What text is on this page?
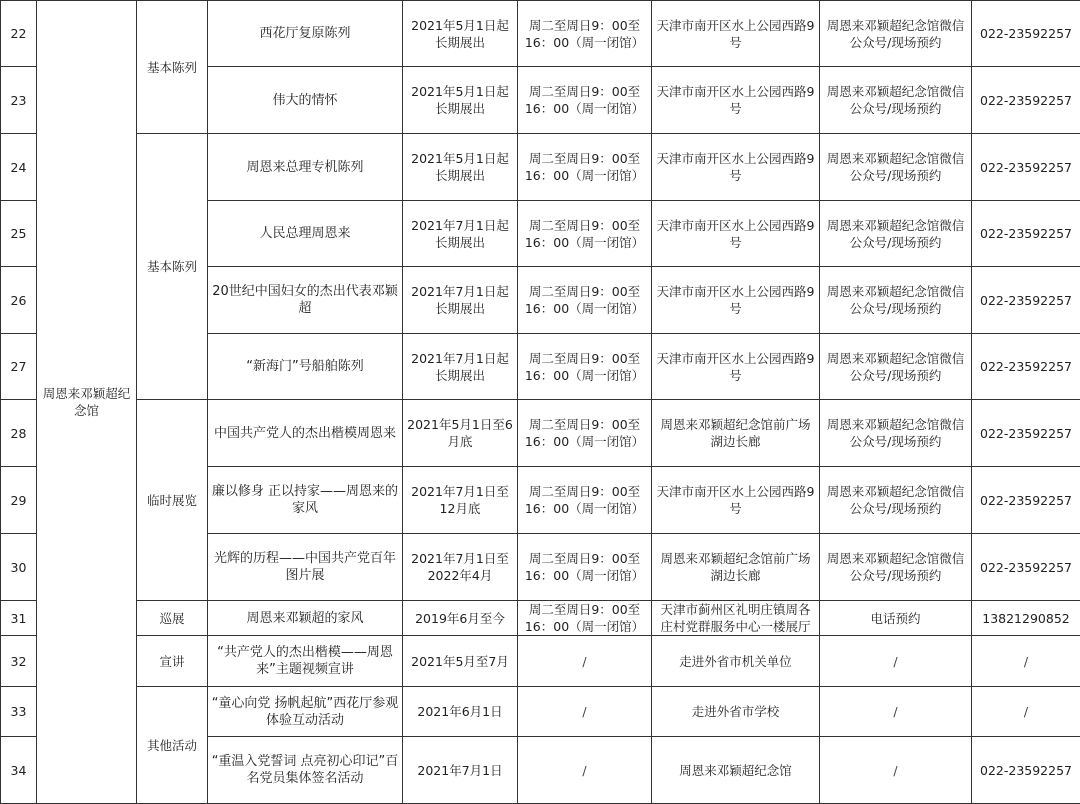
22	周恩来邓颖超纪念馆	基本陈列	西花厅复原陈列	2021年5月1日起长期展出	周二至周日9：00至16：00（周一闭馆）	天津市南开区水上公园西路9号	周恩来邓颖超纪念馆微信公众号/现场预约	022-23592257
23			伟大的情怀	2021年5月1日起长期展出	周二至周日9：00至16：00（周一闭馆）	天津市南开区水上公园西路9号	周恩来邓颖超纪念馆微信公众号/现场预约	022-23592257
24		基本陈列	周恩来总理专机陈列	2021年5月1日起长期展出	周二至周日9：00至16：00（周一闭馆）	天津市南开区水上公园西路9号	周恩来邓颖超纪念馆微信公众号/现场预约	022-23592257
25			人民总理周恩来	2021年7月1日起长期展出	周二至周日9：00至16：00（周一闭馆）	天津市南开区水上公园西路9号	周恩来邓颖超纪念馆微信公众号/现场预约	022-23592257
26			20世纪中国妇女的杰出代表邓颖超	2021年7月1日起长期展出	周二至周日9：00至16：00（周一闭馆）	天津市南开区水上公园西路9号	周恩来邓颖超纪念馆微信公众号/现场预约	022-23592257
27			“新海门”号船舶陈列	2021年7月1日起长期展出	周二至周日9：00至16：00（周一闭馆）	天津市南开区水上公园西路9号	周恩来邓颖超纪念馆微信公众号/现场预约	022-23592257
28		临时展览	中国共产党人的杰出楷模周恩来	2021年5月1日至6月底	周二至周日9：00至16：00（周一闭馆）	周恩来邓颖超纪念馆前广场湖边长廊	周恩来邓颖超纪念馆微信公众号/现场预约	022-23592257
29			廉以修身 正以持家——周恩来的家风	2021年7月1日至12月底	周二至周日9：00至16：00（周一闭馆）	天津市南开区水上公园西路9号	周恩来邓颖超纪念馆微信公众号/现场预约	022-23592257
30			光辉的历程——中国共产党百年图片展	2021年7月1日至2022年4月	周二至周日9：00至16：00（周一闭馆）	周恩来邓颖超纪念馆前广场湖边长廊	周恩来邓颖超纪念馆微信公众号/现场预约	022-23592257
31		巡展	周恩来邓颖超的家风	2019年6月至今	周二至周日9：00至16：00（周一闭馆）	天津市蓟州区礼明庄镇周各庄村党群服务中心一楼展厅	电话预约	13821290852
32		宣讲	“共产党人的杰出楷模——周恩来”主题视频宣讲	2021年5月至7月	/	走进外省市机关单位	/	/
33		其他活动	“童心向党 扬帆起航”西花厅参观体验互动活动	2021年6月1日	/	走进外省市学校	/	/
34			“重温入党誓词 点亮初心印记”百名党员集体签名活动	2021年7月1日	/	周恩来邓颖超纪念馆	/	022-23592257
